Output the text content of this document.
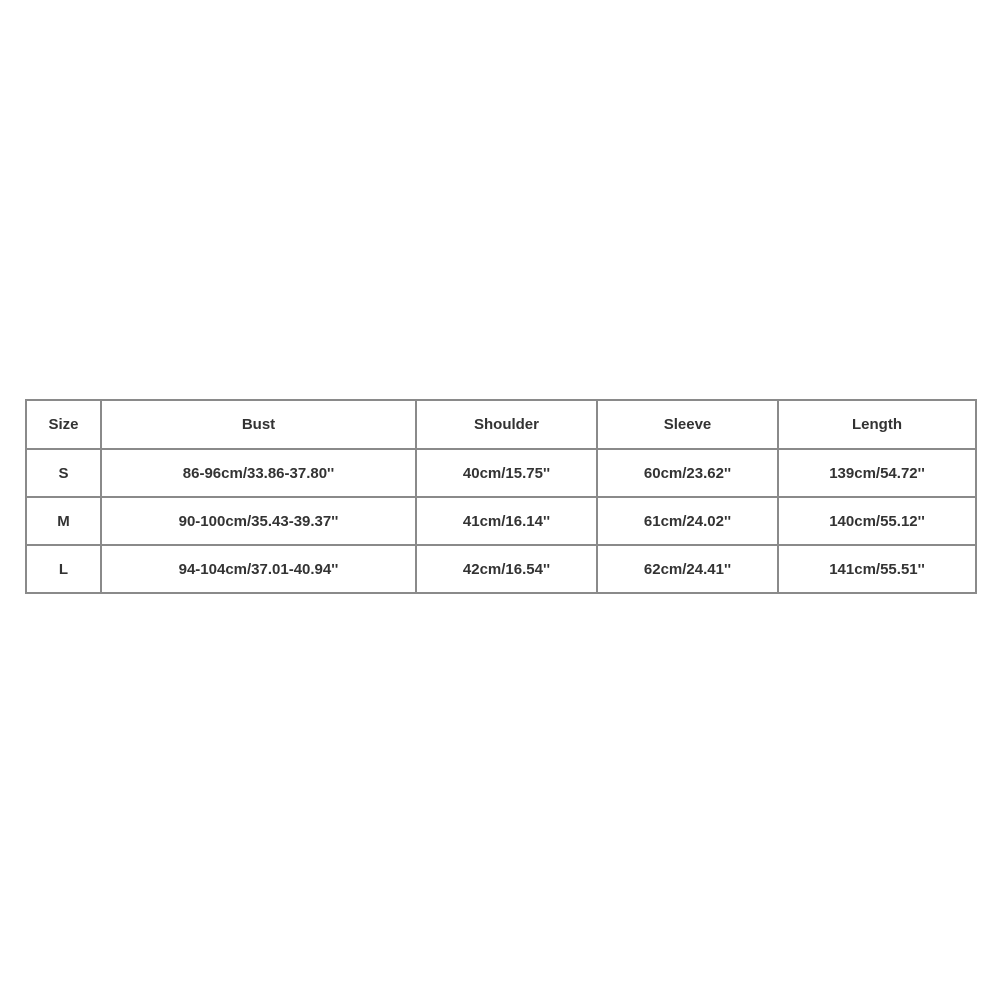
Size	Bust	Shoulder	Sleeve	Length
S	86-96cm/33.86-37.80''	40cm/15.75''	60cm/23.62''	139cm/54.72''
M	90-100cm/35.43-39.37''	41cm/16.14''	61cm/24.02''	140cm/55.12''
L	94-104cm/37.01-40.94''	42cm/16.54''	62cm/24.41''	141cm/55.51''
